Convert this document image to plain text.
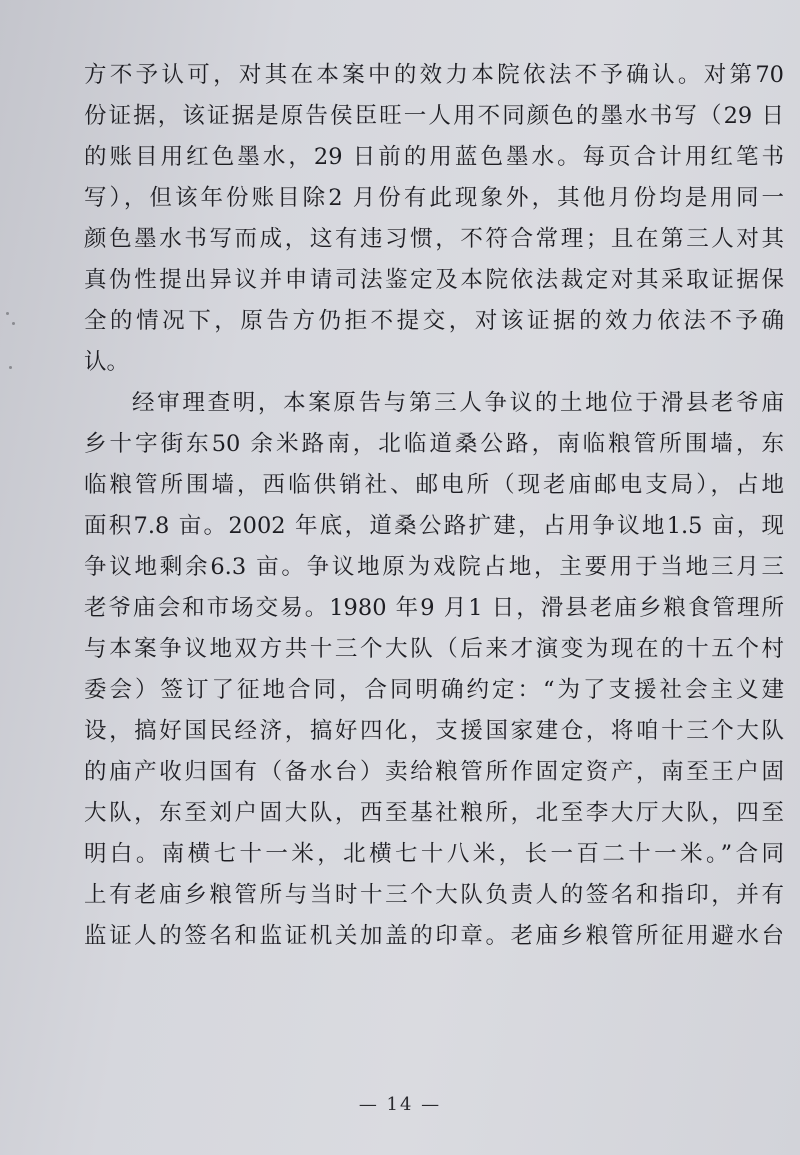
方不予认可，对其在本案中的效力本院依法不予确认。对第70
份证据，该证据是原告侯臣旺一人用不同颜色的墨水书写（29 日
的账目用红色墨水，29 日前的用蓝色墨水。每页合计用红笔书
写），但该年份账目除2 月份有此现象外，其他月份均是用同一
颜色墨水书写而成，这有违习惯，不符合常理；且在第三人对其
真伪性提出异议并申请司法鉴定及本院依法裁定对其采取证据保
全的情况下，原告方仍拒不提交，对该证据的效力依法不予确
认。
经审理查明，本案原告与第三人争议的土地位于滑县老爷庙
乡十字街东50 余米路南，北临道桑公路，南临粮管所围墙，东
临粮管所围墙，西临供销社、邮电所（现老庙邮电支局），占地
面积7.8 亩。2002 年底，道桑公路扩建，占用争议地1.5 亩，现
争议地剩余6.3 亩。争议地原为戏院占地，主要用于当地三月三
老爷庙会和市场交易。1980 年9 月1 日，滑县老庙乡粮食管理所
与本案争议地双方共十三个大队（后来才演变为现在的十五个村
委会）签订了征地合同，合同明确约定：“为了支援社会主义建
设，搞好国民经济，搞好四化，支援国家建仓，将咱十三个大队
的庙产收归国有（备水台）卖给粮管所作固定资产，南至王户固
大队，东至刘户固大队，西至基社粮所，北至李大厅大队，四至
明白。南横七十一米，北横七十八米，长一百二十一米。”合同
上有老庙乡粮管所与当时十三个大队负责人的签名和指印，并有
监证人的签名和监证机关加盖的印章。老庙乡粮管所征用避水台
— 14 —
